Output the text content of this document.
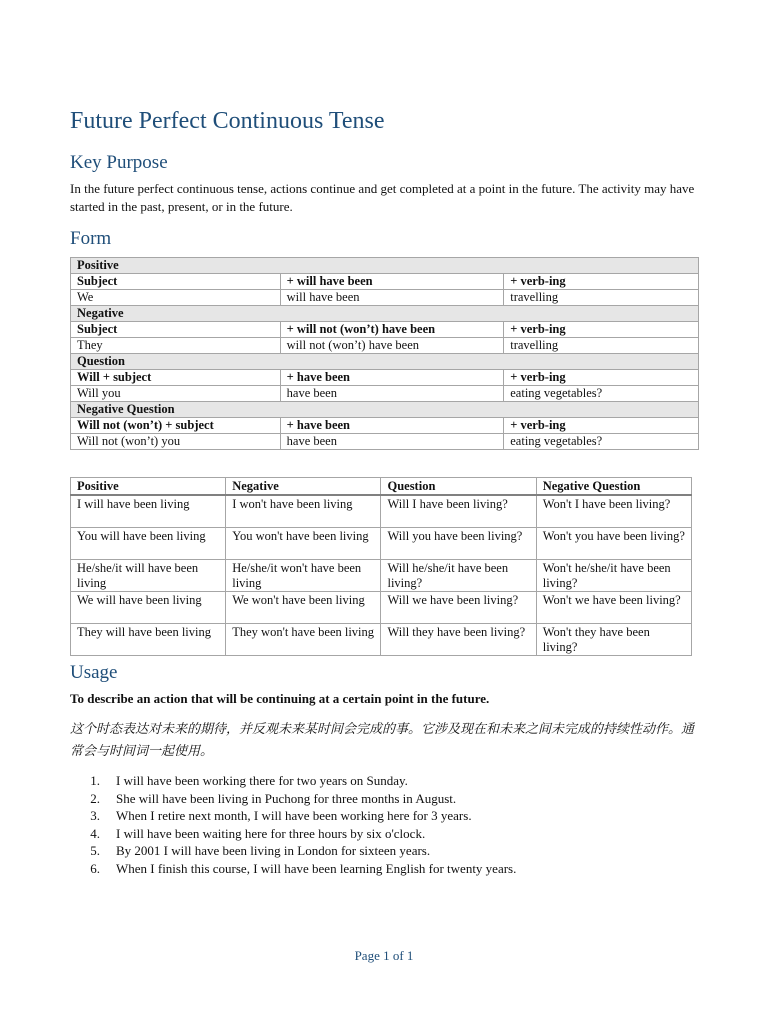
Future Perfect Continuous Tense
Key Purpose

In the future perfect continuous tense, actions continue and get completed at a point in the future. The activity may have started in the past, present, or in the future.

Form
Positive		
Subject	+ will have been	+ verb-ing
We	will have been	travelling
Negative		
Subject	+ will not (won’t) have been	+ verb-ing
They	will not (won’t) have been	travelling
Question		
Will + subject	+ have been	+ verb-ing
Will you	have been	eating vegetables?
Negative Question		
Will not (won’t) + subject	+ have been	+ verb-ing
Will not (won’t) you	have been	eating vegetables?
Positive	Negative	Question	Negative Question
I will have been living	I won't have been living	Will I have been living?	Won't I have been living?
You will have been living	You won't have been living	Will you have been living?	Won't you have been living?
He/she/it will have been living	He/she/it won't have been living	Will he/she/it have been living?	Won't he/she/it have been living?
We will have been living	We won't have been living	Will we have been living?	Won't we have been living?
They will have been living	They won't have been living	Will they have been living?	Won't they have been living?
Usage

To describe an action that will be continuing at a certain point in the future.

这个时态表达对未来的期待，并反观未来某时间会完成的事。它涉及现在和未来之间未完成的持续性动作。通常会与时间词一起使用。

1. I will have been working there for two years on Sunday.
2. She will have been living in Puchong for three months in August.
3. When I retire next month, I will have been working here for 3 years.
4. I will have been waiting here for three hours by six o'clock.
5. By 2001 I will have been living in London for sixteen years.
6. When I finish this course, I will have been learning English for twenty years.
Page 1 of 1
